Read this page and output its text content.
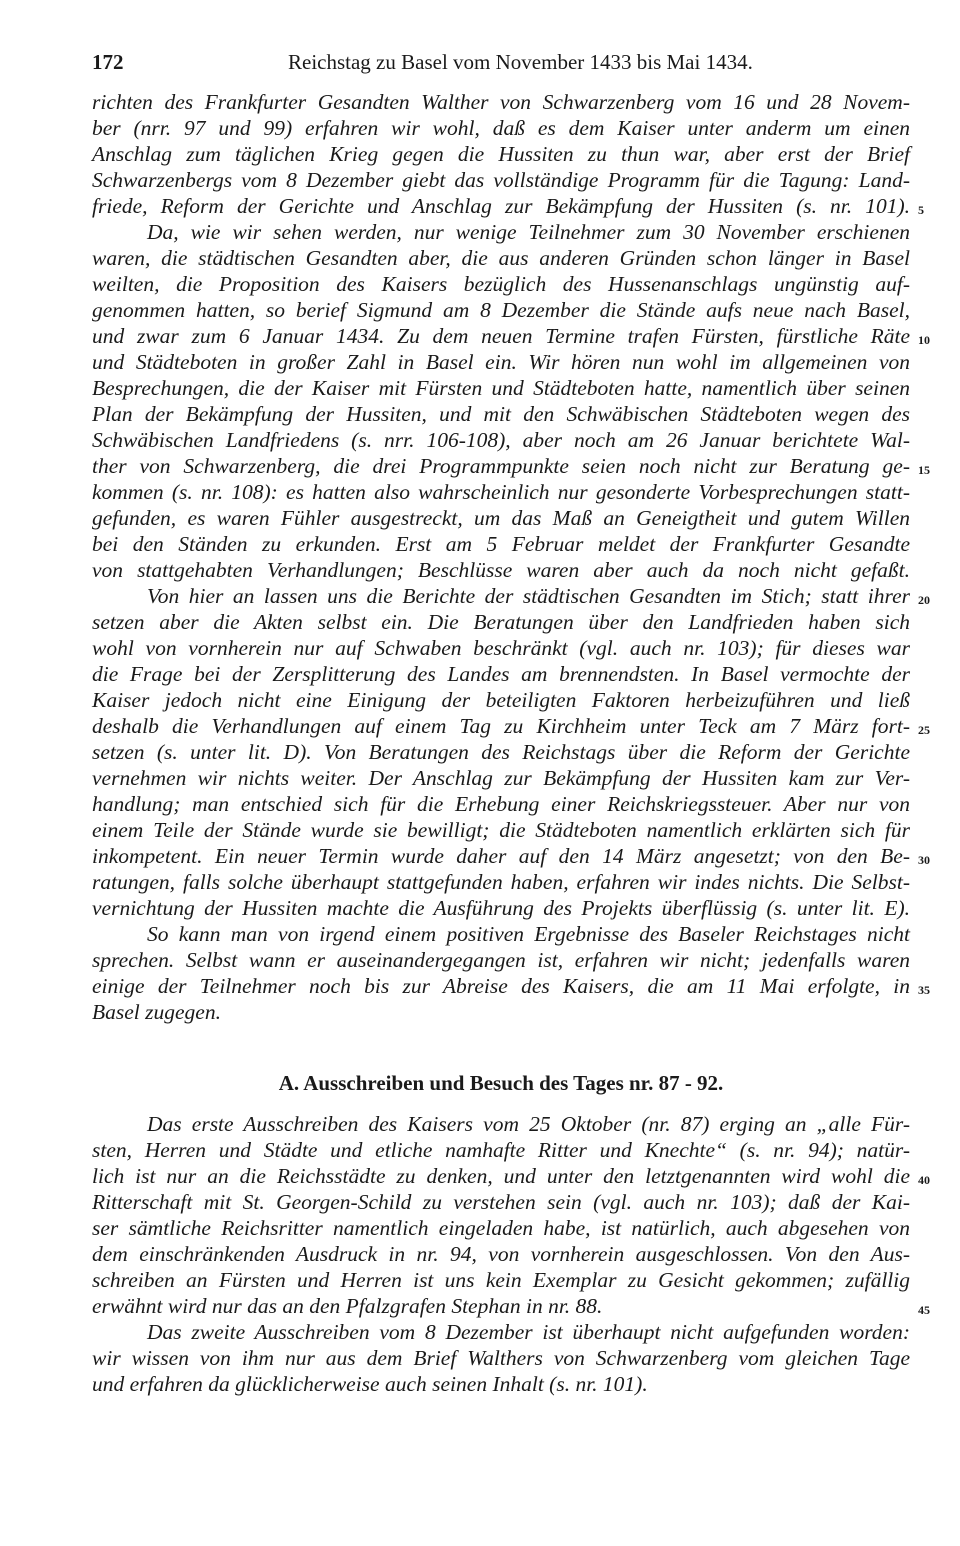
172	Reichstag zu Basel vom November 1433 bis Mai 1434.
richten des Frankfurter Gesandten Walther von Schwarzenberg vom 16 und 28 Novem-
ber (nrr. 97 und 99) erfahren wir wohl, daß es dem Kaiser unter anderm um einen
Anschlag zum täglichen Krieg gegen die Hussiten zu thun war, aber erst der Brief
Schwarzenbergs vom 8 Dezember giebt das vollständige Programm für die Tagung: Land-
friede, Reform der Gerichte und Anschlag zur Bekämpfung der Hussiten (s. nr. 101). 5
Da, wie wir sehen werden, nur wenige Teilnehmer zum 30 November erschienen
waren, die städtischen Gesandten aber, die aus anderen Gründen schon länger in Basel
weilten, die Proposition des Kaisers bezüglich des Hussenanschlags ungünstig auf-
genommen hatten, so berief Sigmund am 8 Dezember die Stände aufs neue nach Basel,
und zwar zum 6 Januar 1434. Zu dem neuen Termine trafen Fürsten, fürstliche Räte 10
und Städteboten in großer Zahl in Basel ein. Wir hören nun wohl im allgemeinen von
Besprechungen, die der Kaiser mit Fürsten und Städteboten hatte, namentlich über seinen
Plan der Bekämpfung der Hussiten, und mit den Schwäbischen Städteboten wegen des
Schwäbischen Landfriedens (s. nrr. 106-108), aber noch am 26 Januar berichtete Wal-
ther von Schwarzenberg, die drei Programmpunkte seien noch nicht zur Beratung ge- 15
kommen (s. nr. 108): es hatten also wahrscheinlich nur gesonderte Vorbesprechungen statt-
gefunden, es waren Fühler ausgestreckt, um das Maß an Geneigtheit und gutem Willen
bei den Ständen zu erkunden. Erst am 5 Februar meldet der Frankfurter Gesandte
von stattgehabten Verhandlungen; Beschlüsse waren aber auch da noch nicht gefaßt.
Von hier an lassen uns die Berichte der städtischen Gesandten im Stich; statt ihrer 20
setzen aber die Akten selbst ein. Die Beratungen über den Landfrieden haben sich
wohl von vornherein nur auf Schwaben beschränkt (vgl. auch nr. 103); für dieses war
die Frage bei der Zersplitterung des Landes am brennendsten. In Basel vermochte der
Kaiser jedoch nicht eine Einigung der beteiligten Faktoren herbeizuführen und ließ
deshalb die Verhandlungen auf einem Tag zu Kirchheim unter Teck am 7 März fort- 25
setzen (s. unter lit. D). Von Beratungen des Reichstags über die Reform der Gerichte
vernehmen wir nichts weiter. Der Anschlag zur Bekämpfung der Hussiten kam zur Ver-
handlung; man entschied sich für die Erhebung einer Reichskriegssteuer. Aber nur von
einem Teile der Stände wurde sie bewilligt; die Städteboten namentlich erklärten sich für
inkompetent. Ein neuer Termin wurde daher auf den 14 März angesetzt; von den Be- 30
ratungen, falls solche überhaupt stattgefunden haben, erfahren wir indes nichts. Die Selbst-
vernichtung der Hussiten machte die Ausführung des Projekts überflüssig (s. unter lit. E).
So kann man von irgend einem positiven Ergebnisse des Baseler Reichstages nicht
sprechen. Selbst wann er auseinandergegangen ist, erfahren wir nicht; jedenfalls waren
einige der Teilnehmer noch bis zur Abreise des Kaisers, die am 11 Mai erfolgte, in 35
Basel zugegen.
A. Ausschreiben und Besuch des Tages nr. 87 - 92.
Das erste Ausschreiben des Kaisers vom 25 Oktober (nr. 87) erging an „alle Für-
sten, Herren und Städte und etliche namhafte Ritter und Knechte“ (s. nr. 94); natür-
lich ist nur an die Reichsstädte zu denken, und unter den letztgenannten wird wohl die 40
Ritterschaft mit St. Georgen-Schild zu verstehen sein (vgl. auch nr. 103); daß der Kai-
ser sämtliche Reichsritter namentlich eingeladen habe, ist natürlich, auch abgesehen von
dem einschränkenden Ausdruck in nr. 94, von vornherein ausgeschlossen. Von den Aus-
schreiben an Fürsten und Herren ist uns kein Exemplar zu Gesicht gekommen; zufällig
erwähnt wird nur das an den Pfalzgrafen Stephan in nr. 88.	45
Das zweite Ausschreiben vom 8 Dezember ist überhaupt nicht aufgefunden worden:
wir wissen von ihm nur aus dem Brief Walthers von Schwarzenberg vom gleichen Tage
und erfahren da glücklicherweise auch seinen Inhalt (s. nr. 101).
